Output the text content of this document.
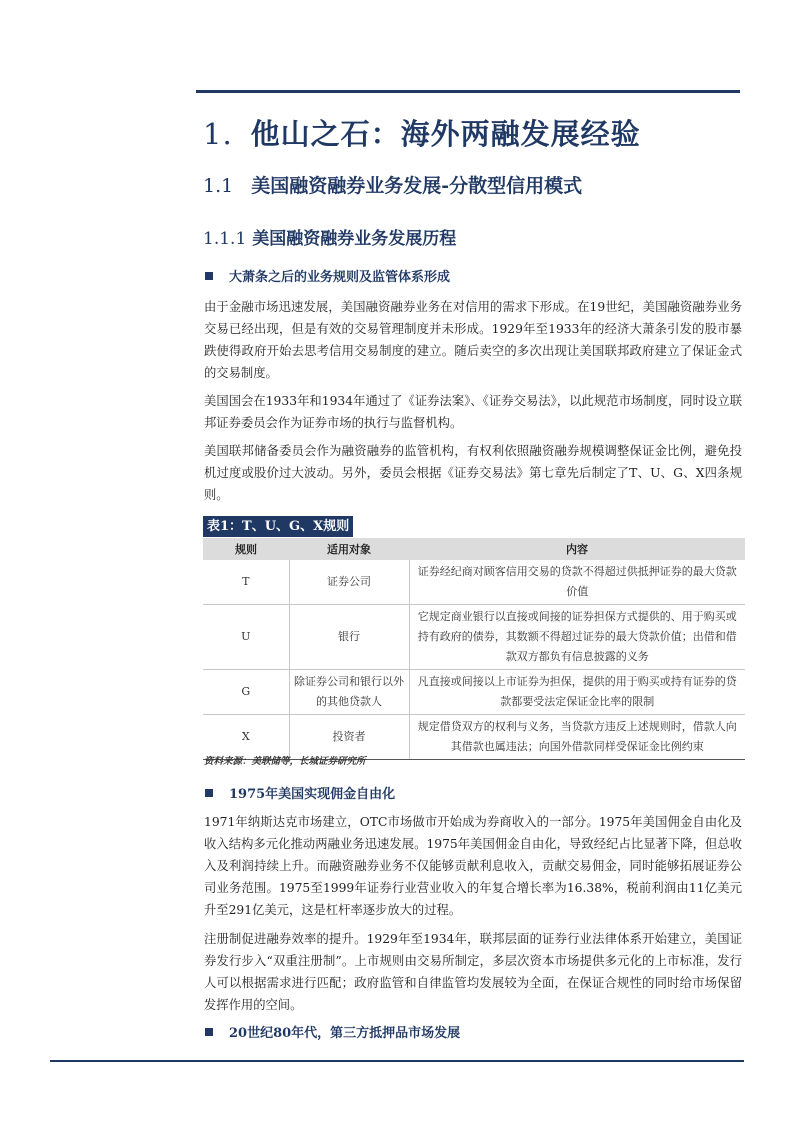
1. 他山之石：海外两融发展经验
1.1 美国融资融券业务发展-分散型信用模式
1.1.1 美国融资融券业务发展历程
大萧条之后的业务规则及监管体系形成

由于金融市场迅速发展，美国融资融券业务在对信用的需求下形成。在19世纪，美国融资融券业务交易已经出现，但是有效的交易管理制度并未形成。1929年至1933年的经济大萧条引发的股市暴跌使得政府开始去思考信用交易制度的建立。随后卖空的多次出现让美国联邦政府建立了保证金式的交易制度。

美国国会在1933年和1934年通过了《证券法案》、《证券交易法》，以此规范市场制度，同时设立联邦证券委员会作为证券市场的执行与监督机构。

美国联邦储备委员会作为融资融券的监管机构，有权利依照融资融券规模调整保证金比例，避免投机过度或股价过大波动。另外，委员会根据《证券交易法》第七章先后制定了T、U、G、X四条规则。

表1：T、U、G、X规则
规则	适用对象	内容
T	证券公司	证券经纪商对顾客信用交易的贷款不得超过供抵押证券的最大贷款价值
U	银行	它规定商业银行以直接或间接的证券担保方式提供的、用于购买或持有政府的债券，其数额不得超过证券的最大贷款价值；出借和借款双方都负有信息披露的义务
G	除证券公司和银行以外的其他贷款人	凡直接或间接以上市证券为担保，提供的用于购买或持有证券的贷款都要受法定保证金比率的限制
X	投资者	规定借贷双方的权利与义务，当贷款方违反上述规则时，借款人向其借款也属违法；向国外借款同样受保证金比例约束
资料来源：美联储等，长城证券研究所
1975年美国实现佣金自由化

1971年纳斯达克市场建立，OTC市场做市开始成为券商收入的一部分。1975年美国佣金自由化及收入结构多元化推动两融业务迅速发展。1975年美国佣金自由化，导致经纪占比显著下降，但总收入及利润持续上升。而融资融券业务不仅能够贡献利息收入，贡献交易佣金，同时能够拓展证券公司业务范围。1975至1999年证券行业营业收入的年复合增长率为16.38%，税前利润由11亿美元升至291亿美元，这是杠杆率逐步放大的过程。

注册制促进融券效率的提升。1929年至1934年，联邦层面的证券行业法律体系开始建立，美国证券发行步入“双重注册制”。上市规则由交易所制定，多层次资本市场提供多元化的上市标准，发行人可以根据需求进行匹配；政府监管和自律监管均发展较为全面，在保证合规性的同时给市场保留发挥作用的空间。

20世纪80年代，第三方抵押品市场发展
